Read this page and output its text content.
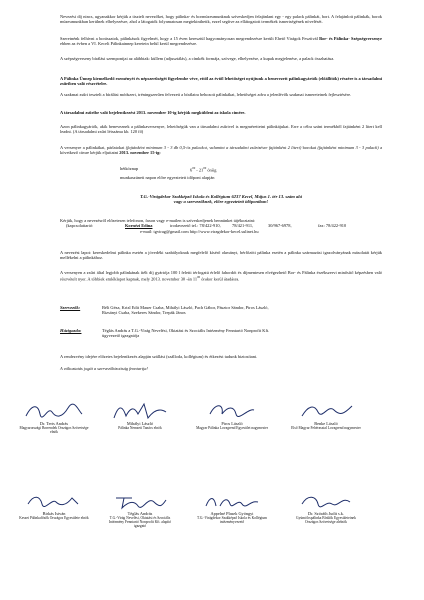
Nevezési díj nincs, ugyanakkor kérjük a tisztelt nevezőket, hogy pálinka- és bormúzeumunknak szíveskedjen felajánlani egy - egy palack pálinkát, bort. A felajánlott pálinkák, borok múzeumunkban kerülnek elhelyezésre, ahol a látogatók folyamatosan megtekinthetik, ezzel segítve az ellátogatott termékek ismertségének növelését.

Szeretnénk felhívni a borászatok, pálinkások figyelmét, hogy a 15 éven keresztül hagyományosan megrendezésre került Ehető Virágok Fesztivál Bor- és Pálinka- Szépségversenye ebben az évben a VI. Keceli Pálinkainnep keretein belül kerül megrendezésre.

A szépségverseny bírálási szempontjai az alábbiak: küllem (adjusztálás), a címkék formája, szövege, elhelyezése, a kupak megjelenése, a palack összhatása.

A Pálinka Ünnep kiemelkedő eseményét és népszerűségét figyelembe véve, ettől az évtől lehetőséget nyújtunk a benevezett pálinkagyártók (előállítók) részére is a társadalmi zsűriben való részvételre.

A szakmai zsűri tesztelt a bírálási módszert, tréningszerűen felvezeti a bírálatra behozott pálinkákat, lehetőséget adva a jelenlévők szakmai ismereteinek fejlesztésére.

A társadalmi zsűribe való bejelentkezést 2013. november 10-ig kérjük megküldeni az iskola címére.

Azon pálinkagyártók, akik beneveznek a pálinkaversenyre, lehetőségük van a társadalmi zsűrivel is megmérettetni pálinkájukat. Erre a célra szánt termékből fajtánként 2 litert kell leadni. (A társadalmi zsűri létszáma kb. 120 fő)

A versenyre a pálinkákat, párlatokat (fajtánként minimum 3 - 3 db 0,5-ös palackot, valamint a társadalmi zsűrizésre fajtánként 2 litert) borokat (fajtánként minimum 3 - 3 palack) a következő címre kérjük eljuttatni 2013. november 15-ig:

hétköznap	$6^{00} - 21^{00}$ óráig
munkaszüneti napon előre egyeztetett időpont alapján

T.G.-Virágdekor Szakképző Iskola és Kollégium 6237 Kecel, Május 1. tér 13. szám alá

vagy a szervezőknek, előre egyeztetett időpontban!

Kérjük, hogy a nevezésről előzetesen telefonon, faxon vagy e-mailen is szíveskedjenek bennünket tájékoztatni:

(kapcsolattartó:	Kornézi Edina	irodavezető tel.: 78/422-910,	78/421-911,	30/967-6978,	fax: 78/422-910
e-mail: tgvirag@gmail.com http://www.viragdekor-kecel.sulinet.hu

A nevezést lapot: kereskedelmi pálinka esetén a jövedéki szabályoknak megfelelő kísérő okmányt, bérfőzött pálinka esetén a pálinka származási igazolványának másolatát kérjük mellékelni a pálinkához.

A versenyen a zsűri által legjobb pálinkának ítélt díj gyártója 100 l feletti térfogatú érlelő fahordót és díjmentesen elvégezhető Bor- és Pálinka érzékszervi minősítő képzésben való részvételt nyer. A többiek emléklapot kapnak, mely 2013. november 30 -án $11^{00}$ órakor kerül átadásra.

Szervezők:	Béli Géza, Krizl Edit Mauer Csaba, Mihályi László, Pach Gábor, Pásztor Sándor, Piros László,
Rizsányi Csaba, Szekeres Sándor, Trepák János
Házigazda:	Téglás András a T.G.-Virág Nevelési, Oktatási és Szociális Intézmény Fenntartó Nonprofit Kft.
ügyvezető igazgatója

A rendezvény idejére előzetes bejelentkezés alapján szállást (szálloda, kollégium) és étkezést tudunk biztosítani.

A változtatás jogát a szervezőbizottság fenntartja!

Dr. Terts András
Magyarországi Borrendek Országos Szövetsége elnök
Mihályi László
Pálinka Nemzeti Tanács elnök
Piros László
Magyar Pálinka Lovagrend Egyesület nagymester
Benke László
Első Magyar Fehérasztal Lovagrend nagymester
Birkás István
Keszei Pálinkafőzők Országos Egyesülete elnök
Téglás András
T.G.-Virág Nevelési, Oktatási és Szociális Intézmény Fenntartó Nonprofit Kft. alapító igazgató
Appelné Plasek Gyöngyi
T.G.-Virágdekor Szakképző Iskola és Kollégium intézményvezető
Dr. Szöráth Judit s.k.
Gyümölcspálinka Bírálók Egyesületeinek Országos Szövetsége alelnök
